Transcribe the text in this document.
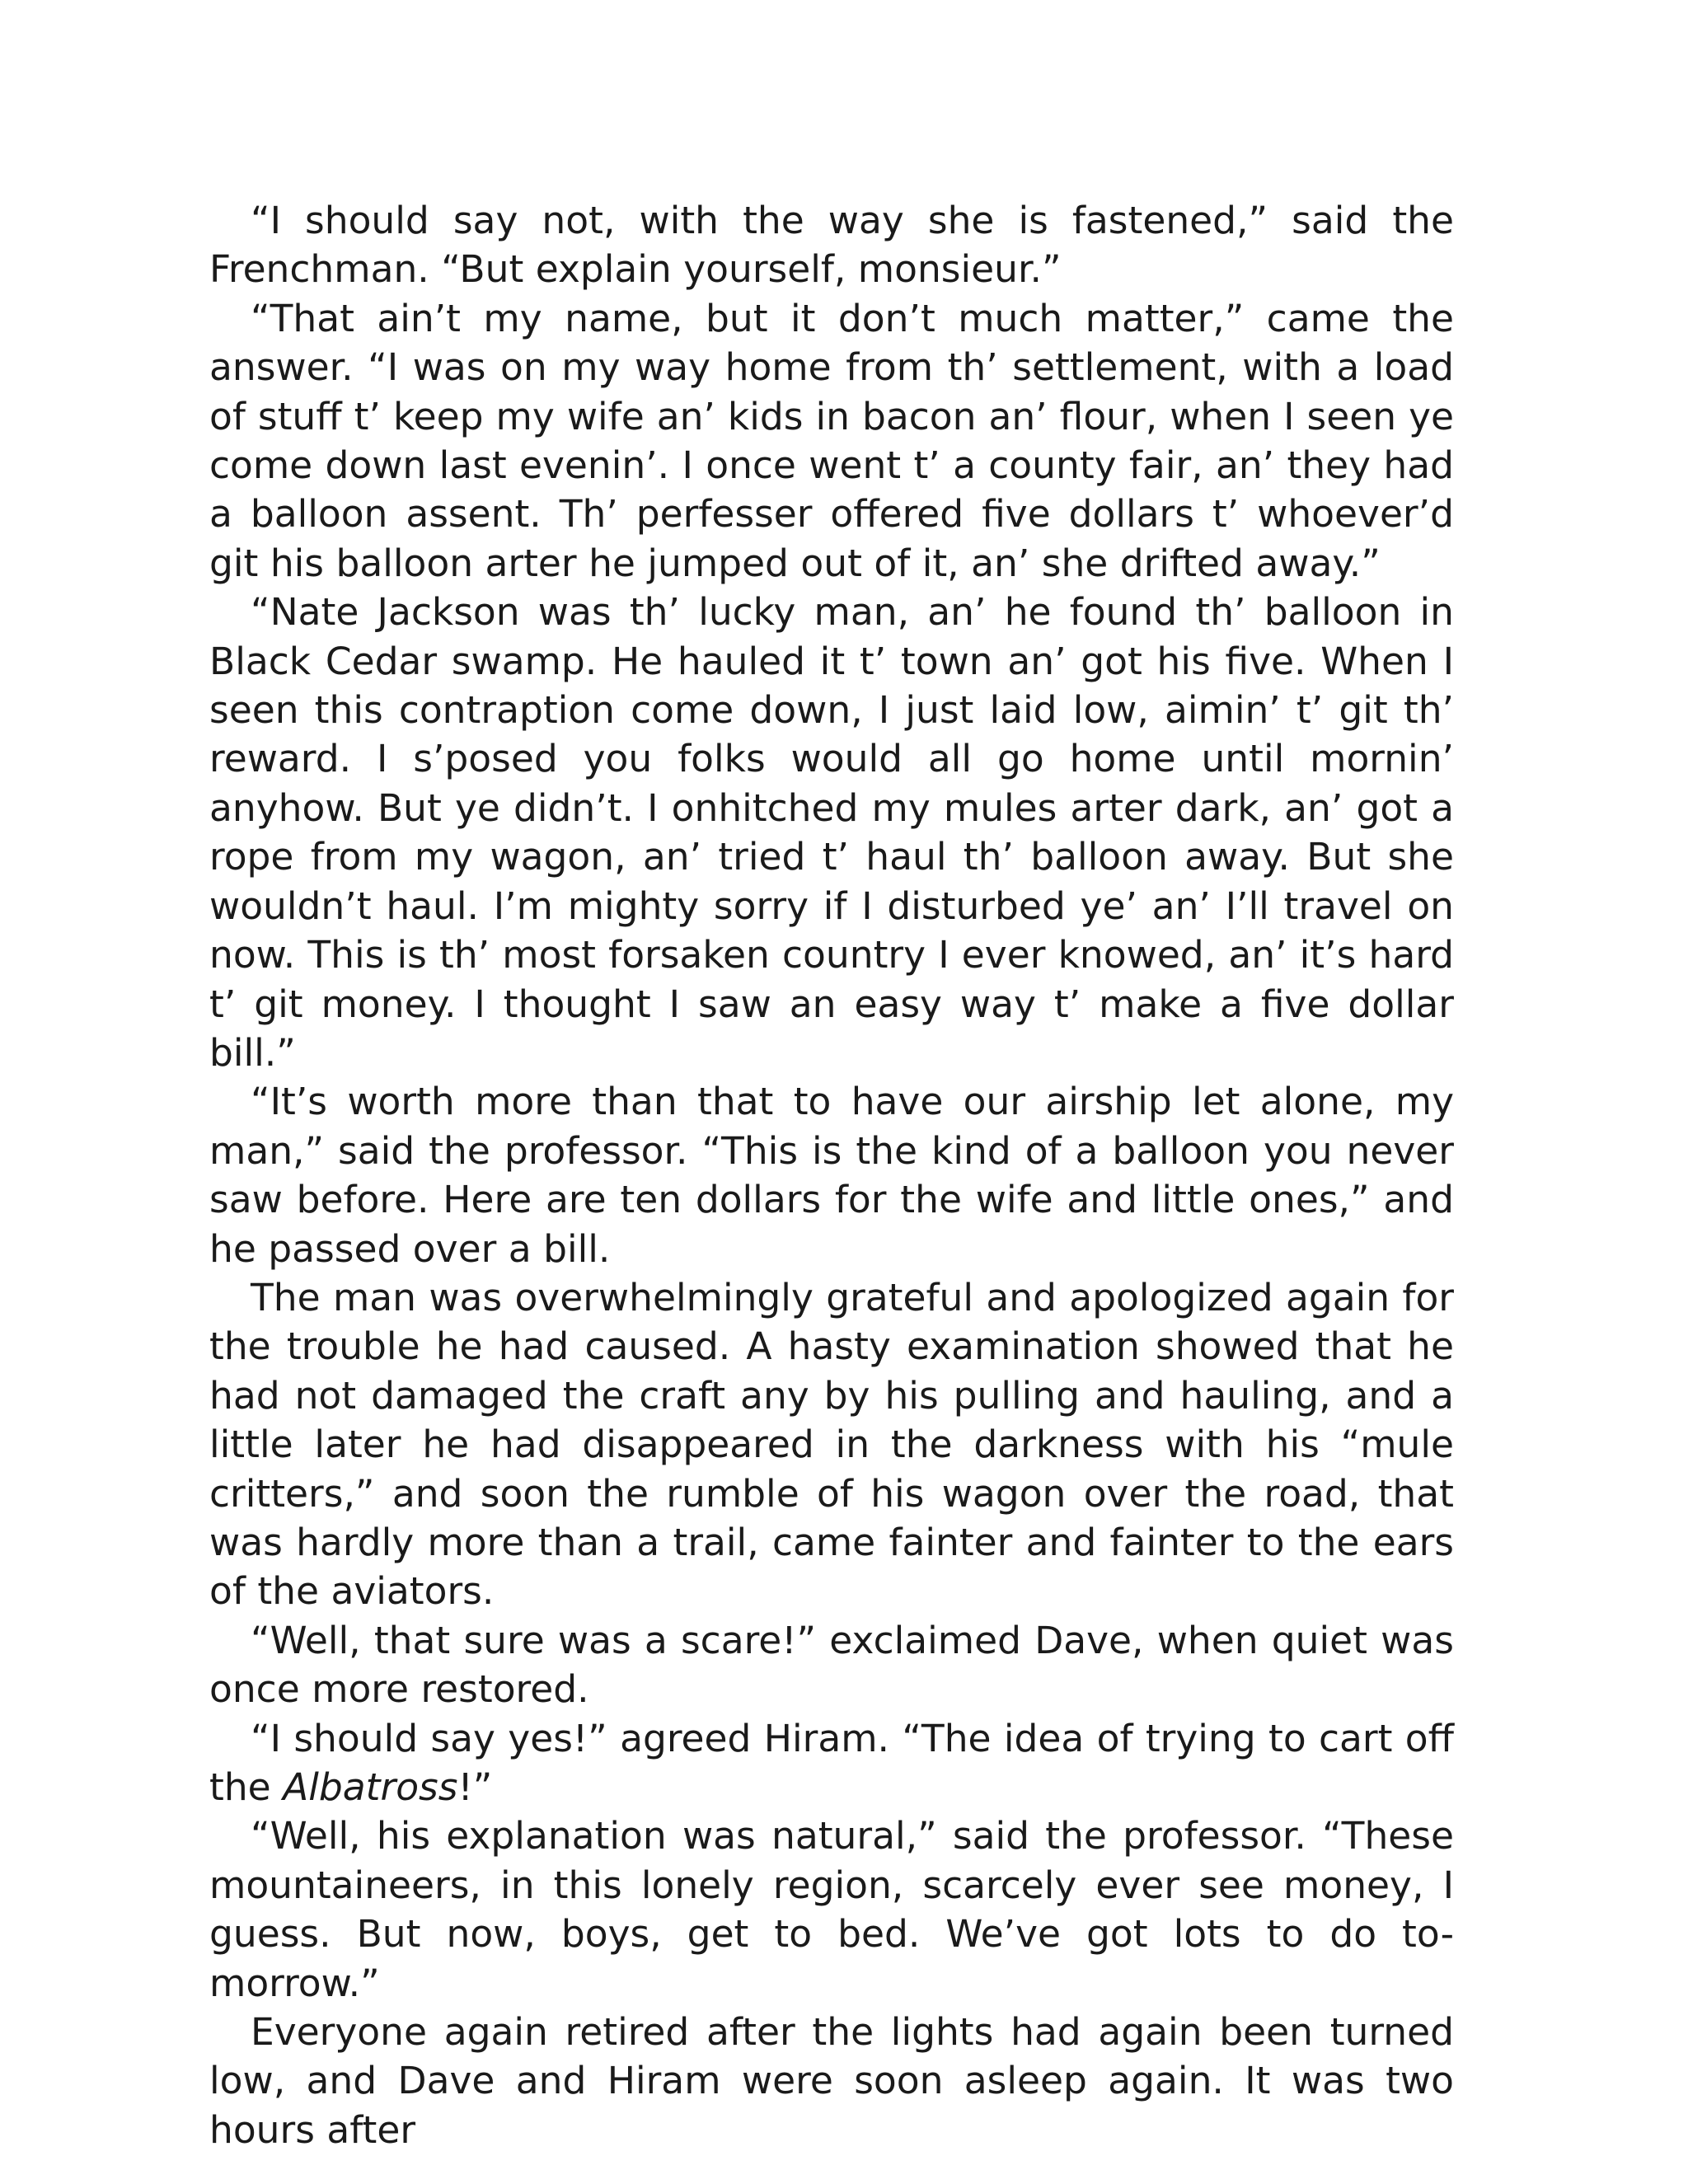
“I should say not, with the way she is fastened,” said the Frenchman. “But explain yourself, monsieur.”

“That ain’t my name, but it don’t much matter,” came the answer. “I was on my way home from th’ settlement, with a load of stuff t’ keep my wife an’ kids in bacon an’ flour, when I seen ye come down last evenin’. I once went t’ a county fair, an’ they had a balloon assent. Th’ perfesser offered five dollars t’ whoever’d git his balloon arter he jumped out of it, an’ she drifted away.”

“Nate Jackson was th’ lucky man, an’ he found th’ balloon in Black Cedar swamp. He hauled it t’ town an’ got his five. When I seen this contraption come down, I just laid low, aimin’ t’ git th’ reward. I s’posed you folks would all go home until mornin’ anyhow. But ye didn’t. I onhitched my mules arter dark, an’ got a rope from my wagon, an’ tried t’ haul th’ balloon away. But she wouldn’t haul. I’m mighty sorry if I disturbed ye’ an’ I’ll travel on now. This is th’ most forsaken country I ever knowed, an’ it’s hard t’ git money. I thought I saw an easy way t’ make a five dollar bill.”

“It’s worth more than that to have our airship let alone, my man,” said the professor. “This is the kind of a balloon you never saw before. Here are ten dollars for the wife and little ones,” and he passed over a bill.

The man was overwhelmingly grateful and apologized again for the trouble he had caused. A hasty examination showed that he had not damaged the craft any by his pulling and hauling, and a little later he had disappeared in the darkness with his “mule critters,” and soon the rumble of his wagon over the road, that was hardly more than a trail, came fainter and fainter to the ears of the aviators.

“Well, that sure was a scare!” exclaimed Dave, when quiet was once more restored.

“I should say yes!” agreed Hiram. “The idea of trying to cart off the Albatross!”

“Well, his explanation was natural,” said the professor. “These mountaineers, in this lonely region, scarcely ever see money, I guess. But now, boys, get to bed. We’ve got lots to do to-morrow.”

Everyone again retired after the lights had again been turned low, and Dave and Hiram were soon asleep again. It was two hours after
